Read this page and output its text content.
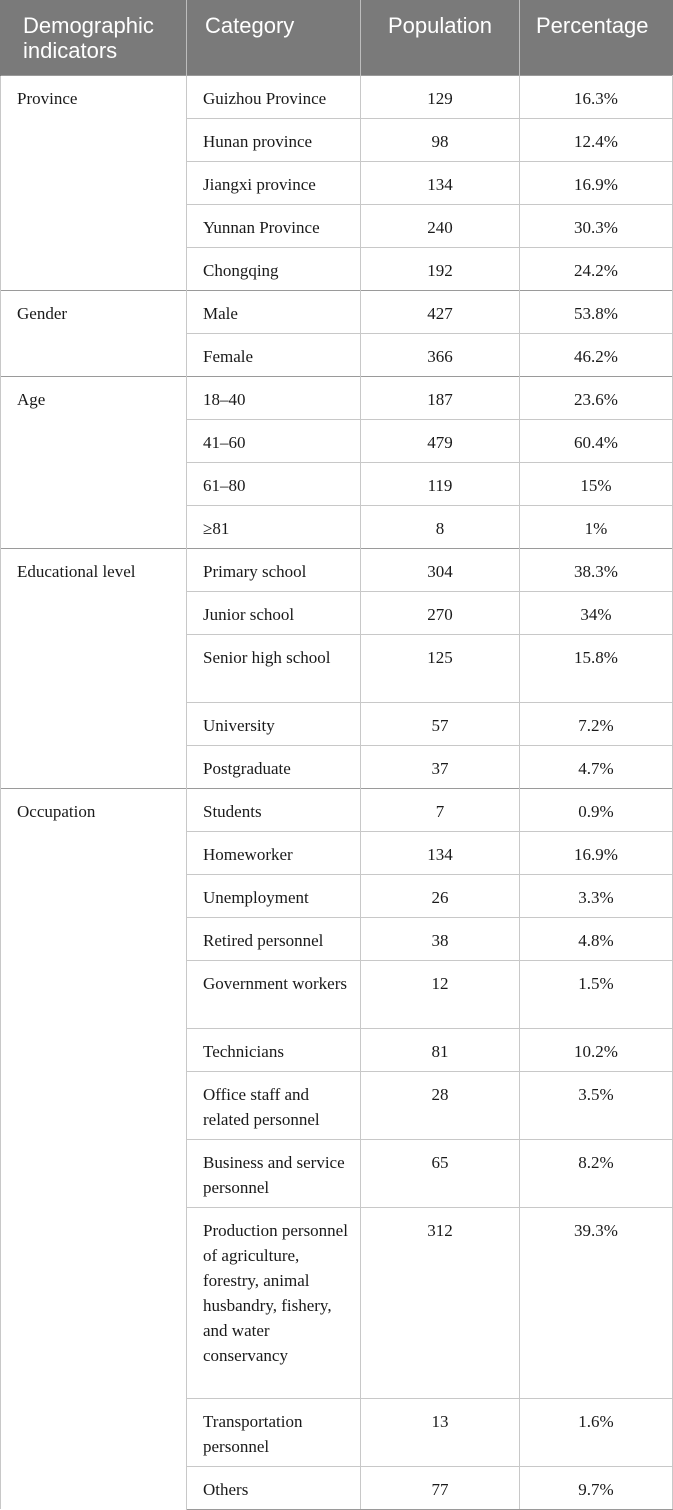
Demographic indicators	Category	Population	Percentage
Province	Guizhou Province	129	16.3%
	Hunan province	98	12.4%
	Jiangxi province	134	16.9%
	Yunnan Province	240	30.3%
	Chongqing	192	24.2%
Gender	Male	427	53.8%
	Female	366	46.2%
Age	18–40	187	23.6%
	41–60	479	60.4%
	61–80	119	15%
	≥81	8	1%
Educational level	Primary school	304	38.3%
	Junior school	270	34%
	Senior high school	125	15.8%
	University	57	7.2%
	Postgraduate	37	4.7%
Occupation	Students	7	0.9%
	Homeworker	134	16.9%
	Unemployment	26	3.3%
	Retired personnel	38	4.8%
	Government workers	12	1.5%
	Technicians	81	10.2%
	Office staff and related personnel	28	3.5%
	Business and service personnel	65	8.2%
	Production personnel of agriculture, forestry, animal husbandry, fishery, and water conservancy	312	39.3%
	Transportation personnel	13	1.6%
	Others	77	9.7%
